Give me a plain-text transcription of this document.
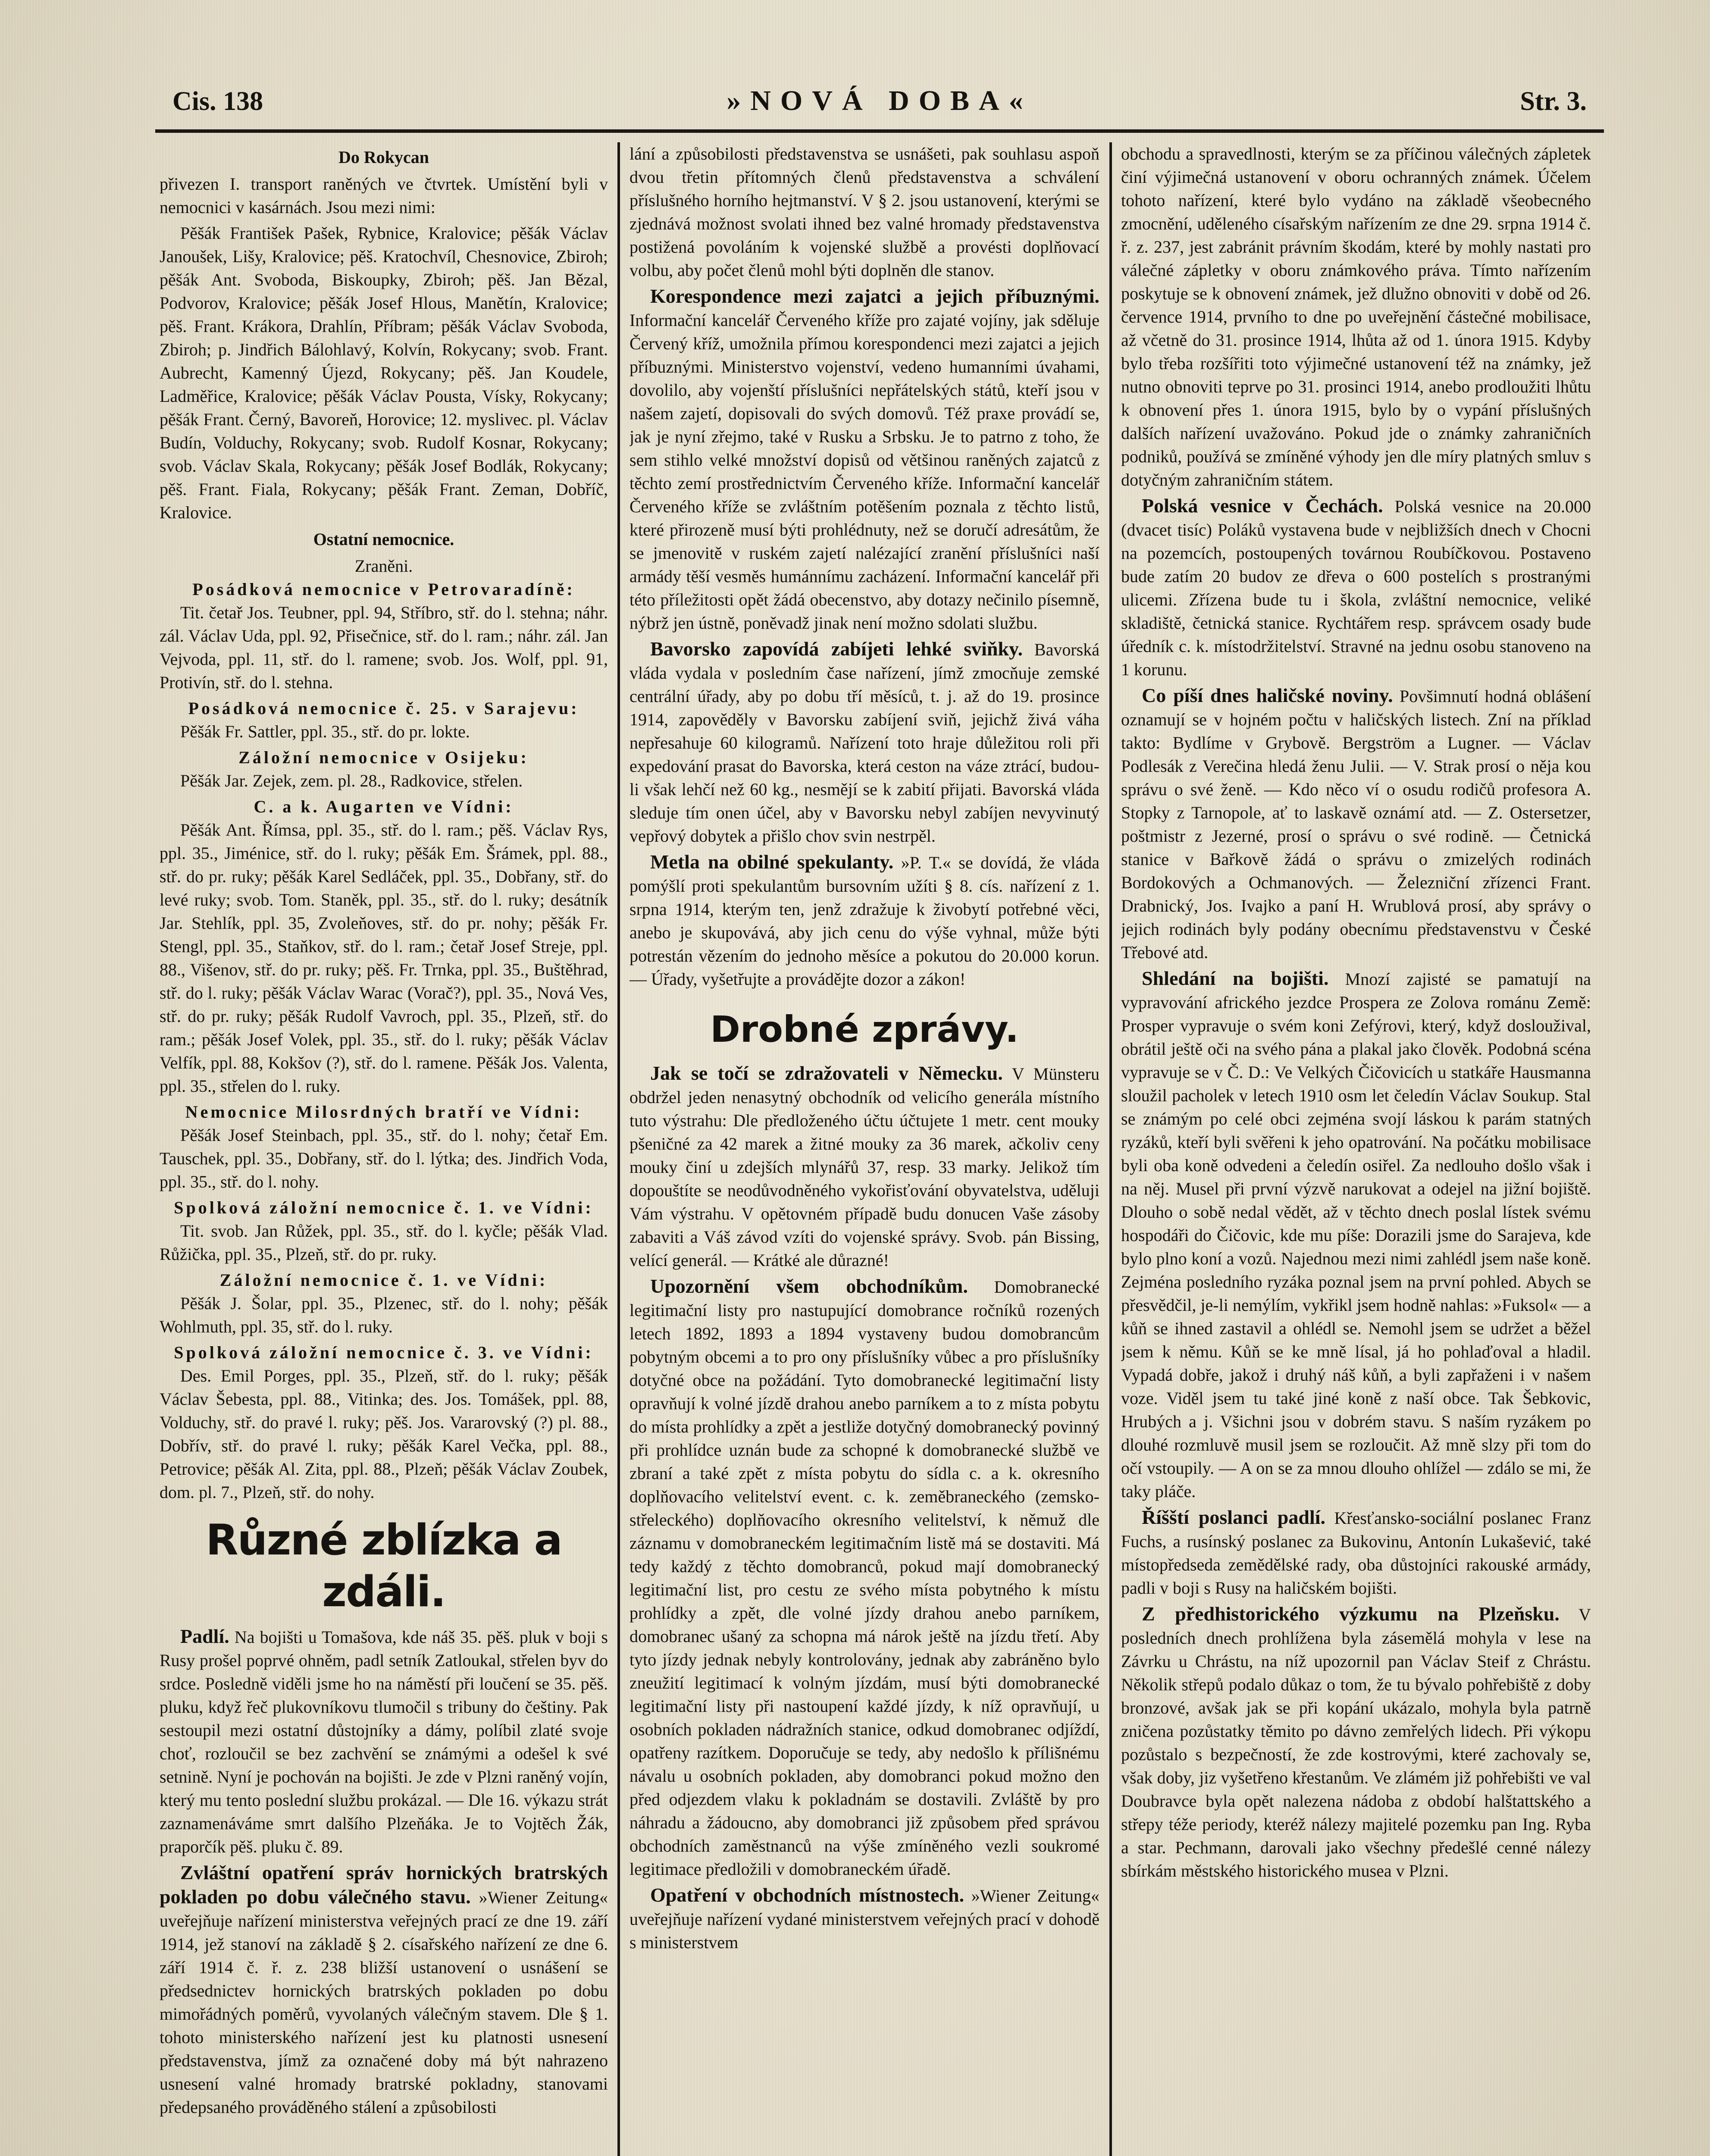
Cis. 138	»NOVÁ DOBA«	Str. 3.
Do Rokycan

přivezen I. transport raněných ve čtvrtek. Umístění byli v nemocnici v kasárnách. Jsou mezi nimi:

Pěšák František Pašek, Rybnice, Kralovice; pěšák Václav Janoušek, Lišy, Kralovice; pěš. Kratochvíl, Chesnovice, Zbiroh; pěšák Ant. Svoboda, Biskoupky, Zbiroh; pěš. Jan Bězal, Podvorov, Kralovice; pěšák Josef Hlous, Manětín, Kralovice; pěš. Frant. Krákora, Drahlín, Příbram; pěšák Václav Svoboda, Zbiroh; p. Jindřich Bálohlavý, Kolvín, Rokycany; svob. Frant. Aubrecht, Kamenný Újezd, Rokycany; pěš. Jan Koudele, Ladměřice, Kralovice; pěšák Václav Pousta, Vísky, Rokycany; pěšák Frant. Černý, Bavoreň, Horovice; 12. myslivec. pl. Václav Budín, Volduchy, Rokycany; svob. Rudolf Kosnar, Rokycany; svob. Václav Skala, Rokycany; pěšák Josef Bodlák, Rokycany; pěš. Frant. Fiala, Rokycany; pěšák Frant. Zeman, Dobříč, Kralovice.

Ostatní nemocnice.
Zraněni.
Posádková nemocnice v Petrovaradíně:

Tit. četař Jos. Teubner, ppl. 94, Stříbro, stř. do l. stehna; náhr. zál. Václav Uda, ppl. 92, Přisečnice, stř. do l. ram.; náhr. zál. Jan Vejvoda, ppl. 11, stř. do l. ramene; svob. Jos. Wolf, ppl. 91, Protivín, stř. do l. stehna.

Posádková nemocnice č. 25. v Sarajevu:

Pěšák Fr. Sattler, ppl. 35., stř. do pr. lokte.

Záložní nemocnice v Osijeku:

Pěšák Jar. Zejek, zem. pl. 28., Radkovice, střelen.

C. a k. Augarten ve Vídni:

Pěšák Ant. Římsa, ppl. 35., stř. do l. ram.; pěš. Václav Rys, ppl. 35., Jiménice, stř. do l. ruky; pěšák Em. Šrámek, ppl. 88., stř. do pr. ruky; pěšák Karel Sedláček, ppl. 35., Dobřany, stř. do levé ruky; svob. Tom. Staněk, ppl. 35., stř. do l. ruky; desátník Jar. Stehlík, ppl. 35, Zvoleňoves, stř. do pr. nohy; pěšák Fr. Stengl, ppl. 35., Staňkov, stř. do l. ram.; četař Josef Streje, ppl. 88., Višenov, stř. do pr. ruky; pěš. Fr. Trnka, ppl. 35., Buštěhrad, stř. do l. ruky; pěšák Václav Warac (Vorač?), ppl. 35., Nová Ves, stř. do pr. ruky; pěšák Rudolf Vavroch, ppl. 35., Plzeň, stř. do ram.; pěšák Josef Volek, ppl. 35., stř. do l. ruky; pěšák Václav Velfík, ppl. 88, Kokšov (?), stř. do l. ramene. Pěšák Jos. Valenta, ppl. 35., střelen do l. ruky.

Nemocnice Milosrdných bratří ve Vídni:

Pěšák Josef Steinbach, ppl. 35., stř. do l. nohy; četař Em. Tauschek, ppl. 35., Dobřany, stř. do l. lýtka; des. Jindřich Voda, ppl. 35., stř. do l. nohy.

Spolková záložní nemocnice č. 1. ve Vídni:

Tit. svob. Jan Růžek, ppl. 35., stř. do l. kyčle; pěšák Vlad. Růžička, ppl. 35., Plzeň, stř. do pr. ruky.

Záložní nemocnice č. 1. ve Vídni:

Pěšák J. Šolar, ppl. 35., Plzenec, stř. do l. nohy; pěšák Wohlmuth, ppl. 35, stř. do l. ruky.

Spolková záložní nemocnice č. 3. ve Vídni:

Des. Emil Porges, ppl. 35., Plzeň, stř. do l. ruky; pěšák Václav Šebesta, ppl. 88., Vitinka; des. Jos. Tomášek, ppl. 88, Volduchy, stř. do pravé l. ruky; pěš. Jos. Vararovský (?) pl. 88., Dobřív, stř. do pravé l. ruky; pěšák Karel Večka, ppl. 88., Petrovice; pěšák Al. Zita, ppl. 88., Plzeň; pěšák Václav Zoubek, dom. pl. 7., Plzeň, stř. do nohy.

Různé zblízka a zdáli.

Padlí. Na bojišti u Tomašova, kde náš 35. pěš. pluk v boji s Rusy prošel poprvé ohněm, padl setník Zatloukal, střelen byv do srdce. Posledně viděli jsme ho na náměstí při loučení se 35. pěš. pluku, když řeč plukovníkovu tlumočil s tribuny do češtiny. Pak sestoupil mezi ostatní důstojníky a dámy, políbil zlaté svoje choť, rozloučil se bez zachvění se známými a odešel k své setnině. Nyní je pochován na bojišti. Je zde v Plzni raněný vojín, který mu tento poslední službu prokázal. — Dle 16. výkazu strát zaznamenáváme smrt dalšího Plzeňáka. Je to Vojtěch Žák, praporčík pěš. pluku č. 89.

Zvláštní opatření správ hornických bratrských pokladen po dobu válečného stavu. »Wiener Zeitung« uveřejňuje nařízení ministerstva veřejných prací ze dne 19. září 1914, jež stanoví na základě § 2. císařského nařízení ze dne 6. září 1914 č. ř. z. 238 bližší ustanovení o usnášení se předsednictev hornických bratrských pokladen po dobu mimořádných poměrů, vyvolaných válečným stavem. Dle § 1. tohoto ministerského nařízení jest ku platnosti usnesení představenstva, jímž za označené doby má být nahrazeno usnesení valné hromady bratrské pokladny, stanovami předepsaného prováděného stálení a způsobilosti

lání a způsobilosti představenstva se usnášeti, pak souhlasu aspoň dvou třetin přítomných členů představenstva a schválení příslušného horního hejtmanství. V § 2. jsou ustanovení, kterými se zjednává možnost svolati ihned bez valné hromady představenstva postižená povoláním k vojenské službě a provésti doplňovací volbu, aby počet členů mohl býti doplněn dle stanov.

Korespondence mezi zajatci a jejich příbuznými. Informační kancelář Červeného kříže pro zajaté vojíny, jak sděluje Červený kříž, umožnila přímou korespondenci mezi zajatci a jejich příbuznými. Ministerstvo vojenství, vedeno humanními úvahami, dovolilo, aby vojenští příslušníci nepřátelských států, kteří jsou v našem zajetí, dopisovali do svých domovů. Též praxe provádí se, jak je nyní zřejmo, také v Rusku a Srbsku. Je to patrno z toho, že sem stihlo velké množství dopisů od většinou raněných zajatců z těchto zemí prostřednictvím Červeného kříže. Informační kancelář Červeného kříže se zvláštním potěšením poznala z těchto listů, které přirozeně musí býti prohlédnuty, než se doručí adresátům, že se jmenovitě v ruském zajetí nalézající zranění příslušníci naší armády těší vesměs humánnímu zacházení. Informační kancelář při této příležitosti opět žádá obecenstvo, aby dotazy nečinilo písemně, nýbrž jen ústně, poněvadž jinak není možno sdolati službu.

Bavorsko zapovídá zabíjeti lehké sviňky. Bavorská vláda vydala v posledním čase nařízení, jímž zmocňuje zemské centrální úřady, aby po dobu tří měsíců, t. j. až do 19. prosince 1914, zapověděly v Bavorsku zabíjení sviň, jejichž živá váha nepřesahuje 60 kilogramů. Nařízení toto hraje důležitou roli při expedování prasat do Bavorska, která ceston na váze ztrácí, budou-li však lehčí než 60 kg., nesmějí se k zabití přijati. Bavorská vláda sleduje tím onen účel, aby v Bavorsku nebyl zabíjen nevyvinutý vepřový dobytek a přišlo chov svin nestrpěl.

Metla na obilné spekulanty. »P. T.« se dovídá, že vláda pomýšlí proti spekulantům bursovním užíti § 8. cís. nařízení z 1. srpna 1914, kterým ten, jenž zdražuje k živobytí potřebné věci, anebo je skupovává, aby jich cenu do výše vyhnal, může býti potrestán vězením do jednoho měsíce a pokutou do 20.000 korun. — Úřady, vyšetřujte a provádějte dozor a zákon!

Drobné zprávy.

Jak se točí se zdražovateli v Německu. V Münsteru obdržel jeden nenasytný obchodník od velicího generála místního tuto výstrahu: Dle předloženého účtu účtujete 1 metr. cent mouky pšeničné za 42 marek a žitné mouky za 36 marek, ačkoliv ceny mouky činí u zdejších mlynářů 37, resp. 33 marky. Jelikož tím dopouštíte se neodůvodněného vykořisťování obyvatelstva, uděluji Vám výstrahu. V opětovném případě budu donucen Vaše zásoby zabaviti a Váš závod vzíti do vojenské správy. Svob. pán Bissing, velící generál. — Krátké ale důrazné!

Upozornění všem obchodníkům. Domobranecké legitimační listy pro nastupující domobrance ročníků rozených letech 1892, 1893 a 1894 vystaveny budou domobrancům pobytným obcemi a to pro ony příslušníky vůbec a pro příslušníky dotyčné obce na požádání. Tyto domobranecké legitimační listy opravňují k volné jízdě drahou anebo parníkem a to z místa pobytu do místa prohlídky a zpět a jestliže dotyčný domobranecký povinný při prohlídce uznán bude za schopné k domobranecké službě ve zbraní a také zpět z místa pobytu do sídla c. a k. okresního doplňovacího velitelství event. c. k. zeměbraneckého (zemsko-střeleckého) doplňovacího okresního velitelství, k němuž dle záznamu v domobraneckém legitimačním listě má se dostaviti. Má tedy každý z těchto domobranců, pokud mají domobranecký legitimační list, pro cestu ze svého místa pobytného k místu prohlídky a zpět, dle volné jízdy drahou anebo parníkem, domobranec ušaný za schopna má nárok ještě na jízdu třetí. Aby tyto jízdy jednak nebyly kontrolovány, jednak aby zabráněno bylo zneužití legitimací k volným jízdám, musí býti domobranecké legitimační listy při nastoupení každé jízdy, k níž opravňují, u osobních pokladen nádražních stanice, odkud domobranec odjíždí, opatřeny razítkem. Doporučuje se tedy, aby nedošlo k přílišnému návalu u osobních pokladen, aby domobranci pokud možno den před odjezdem vlaku k pokladnám se dostavili. Zvláště by pro náhradu a žádoucno, aby domobranci již způsobem před správou obchodních zaměstnanců na výše zmíněného vezli soukromé legitimace předložili v domobraneckém úřadě.

Opatření v obchodních místnostech. »Wiener Zeitung« uveřejňuje nařízení vydané ministerstvem veřejných prací v dohodě s ministerstvem

obchodu a spravedlnosti, kterým se za příčinou válečných zápletek činí výjimečná ustanovení v oboru ochranných známek. Účelem tohoto nařízení, které bylo vydáno na základě všeobecného zmocnění, uděleného císařským nařízením ze dne 29. srpna 1914 č. ř. z. 237, jest zabránit právním škodám, které by mohly nastati pro válečné zápletky v oboru známkového práva. Tímto nařízením poskytuje se k obnovení známek, jež dlužno obnoviti v době od 26. července 1914, prvního to dne po uveřejnění částečné mobilisace, až včetně do 31. prosince 1914, lhůta až od 1. února 1915. Kdyby bylo třeba rozšířiti toto výjimečné ustanovení též na známky, jež nutno obnoviti teprve po 31. prosinci 1914, anebo prodloužiti lhůtu k obnovení přes 1. února 1915, bylo by o vypání příslušných dalších nařízení uvažováno. Pokud jde o známky zahraničních podniků, používá se zmíněné výhody jen dle míry platných smluv s dotyčným zahraničním státem.

Polská vesnice v Čechách. Polská vesnice na 20.000 (dvacet tisíc) Poláků vystavena bude v nejbližších dnech v Chocni na pozemcích, postoupených továrnou Roubíčkovou. Postaveno bude zatím 20 budov ze dřeva o 600 postelích s prostranými ulicemi. Zřízena bude tu i škola, zvláštní nemocnice, veliké skladiště, četnická stanice. Rychtářem resp. správcem osady bude úředník c. k. místodržitelství. Stravné na jednu osobu stanoveno na 1 korunu.

Co píší dnes haličské noviny. Povšimnutí hodná oblášení oznamují se v hojném počtu v haličských listech. Zní na příklad takto: Bydlíme v Grybově. Bergström a Lugner. — Václav Podlesák z Verečina hledá ženu Julii. — V. Strak prosí o něja kou správu o své ženě. — Kdo něco ví o osudu rodičů profesora A. Stopky z Tarnopole, ať to laskavě oznámí atd. — Z. Ostersetzer, poštmistr z Jezerné, prosí o správu o své rodině. — Četnická stanice v Bařkově žádá o správu o zmizelých rodinách Bordokových a Ochmanových. — Železniční zřízenci Frant. Drabnický, Jos. Ivajko a paní H. Wrublová prosí, aby správy o jejich rodinách byly podány obecnímu představenstvu v České Třebové atd.

Shledání na bojišti. Mnozí zajisté se pamatují na vypravování afrického jezdce Prospera ze Zolova románu Země: Prosper vypravuje o svém koni Zefýrovi, který, když dosloužival, obrátil ještě oči na svého pána a plakal jako člověk. Podobná scéna vypravuje se v Č. D.: Ve Velkých Čičovicích u statkáře Hausmanna sloužil pacholek v letech 1910 osm let čeledín Václav Soukup. Stal se známým po celé obci zejména svojí láskou k parám statných ryzáků, kteří byli svěřeni k jeho opatrování. Na počátku mobilisace byli oba koně odvedeni a čeledín osiřel. Za nedlouho došlo však i na něj. Musel při první výzvě narukovat a odejel na jižní bojiště. Dlouho o sobě nedal vědět, až v těchto dnech poslal lístek svému hospodáři do Čičovic, kde mu píše: Dorazili jsme do Sarajeva, kde bylo plno koní a vozů. Najednou mezi nimi zahlédl jsem naše koně. Zejména posledního ryzáka poznal jsem na první pohled. Abych se přesvědčil, je-li nemýlím, vykřikl jsem hodně nahlas: »Fuksol« — a kůň se ihned zastavil a ohlédl se. Nemohl jsem se udržet a běžel jsem k němu. Kůň se ke mně lísal, já ho pohlaďoval a hladil. Vypadá dobře, jakož i druhý náš kůň, a byli zapřaženi i v našem voze. Viděl jsem tu také jiné koně z naší obce. Tak Šebkovic, Hrubých a j. Všichni jsou v dobrém stavu. S naším ryzákem po dlouhé rozmluvě musil jsem se rozloučit. Až mně slzy při tom do očí vstoupily. — A on se za mnou dlouho ohlížel — zdálo se mi, že taky pláče.

Říšští poslanci padlí. Křesťansko-sociální poslanec Franz Fuchs, a rusínský poslanec za Bukovinu, Antonín Lukašević, také místopředseda zemědělské rady, oba důstojníci rakouské armády, padli v boji s Rusy na haličském bojišti.

Z předhistorického výzkumu na Plzeňsku. V posledních dnech prohlížena byla zásemělá mohyla v lese na Závrku u Chrástu, na níž upozornil pan Václav Steif z Chrástu. Několik střepů podalo důkaz o tom, že tu bývalo pohřebiště z doby bronzové, avšak jak se při kopání ukázalo, mohyla byla patrně zničena pozůstatky těmito po dávno zemřelých lidech. Při výkopu pozůstalo s bezpečností, že zde kostrovými, které zachovaly se, však doby, jiz vyšetřeno křestanům. Ve zlámém již pohřebišti ve val Doubravce byla opět nalezena nádoba z období halštattského a střepy téže periody, kteréž nálezy majitelé pozemku pan Ing. Ryba a star. Pechmann, darovali jako všechny předešlé cenné nálezy sbírkám městského historického musea v Plzni.
